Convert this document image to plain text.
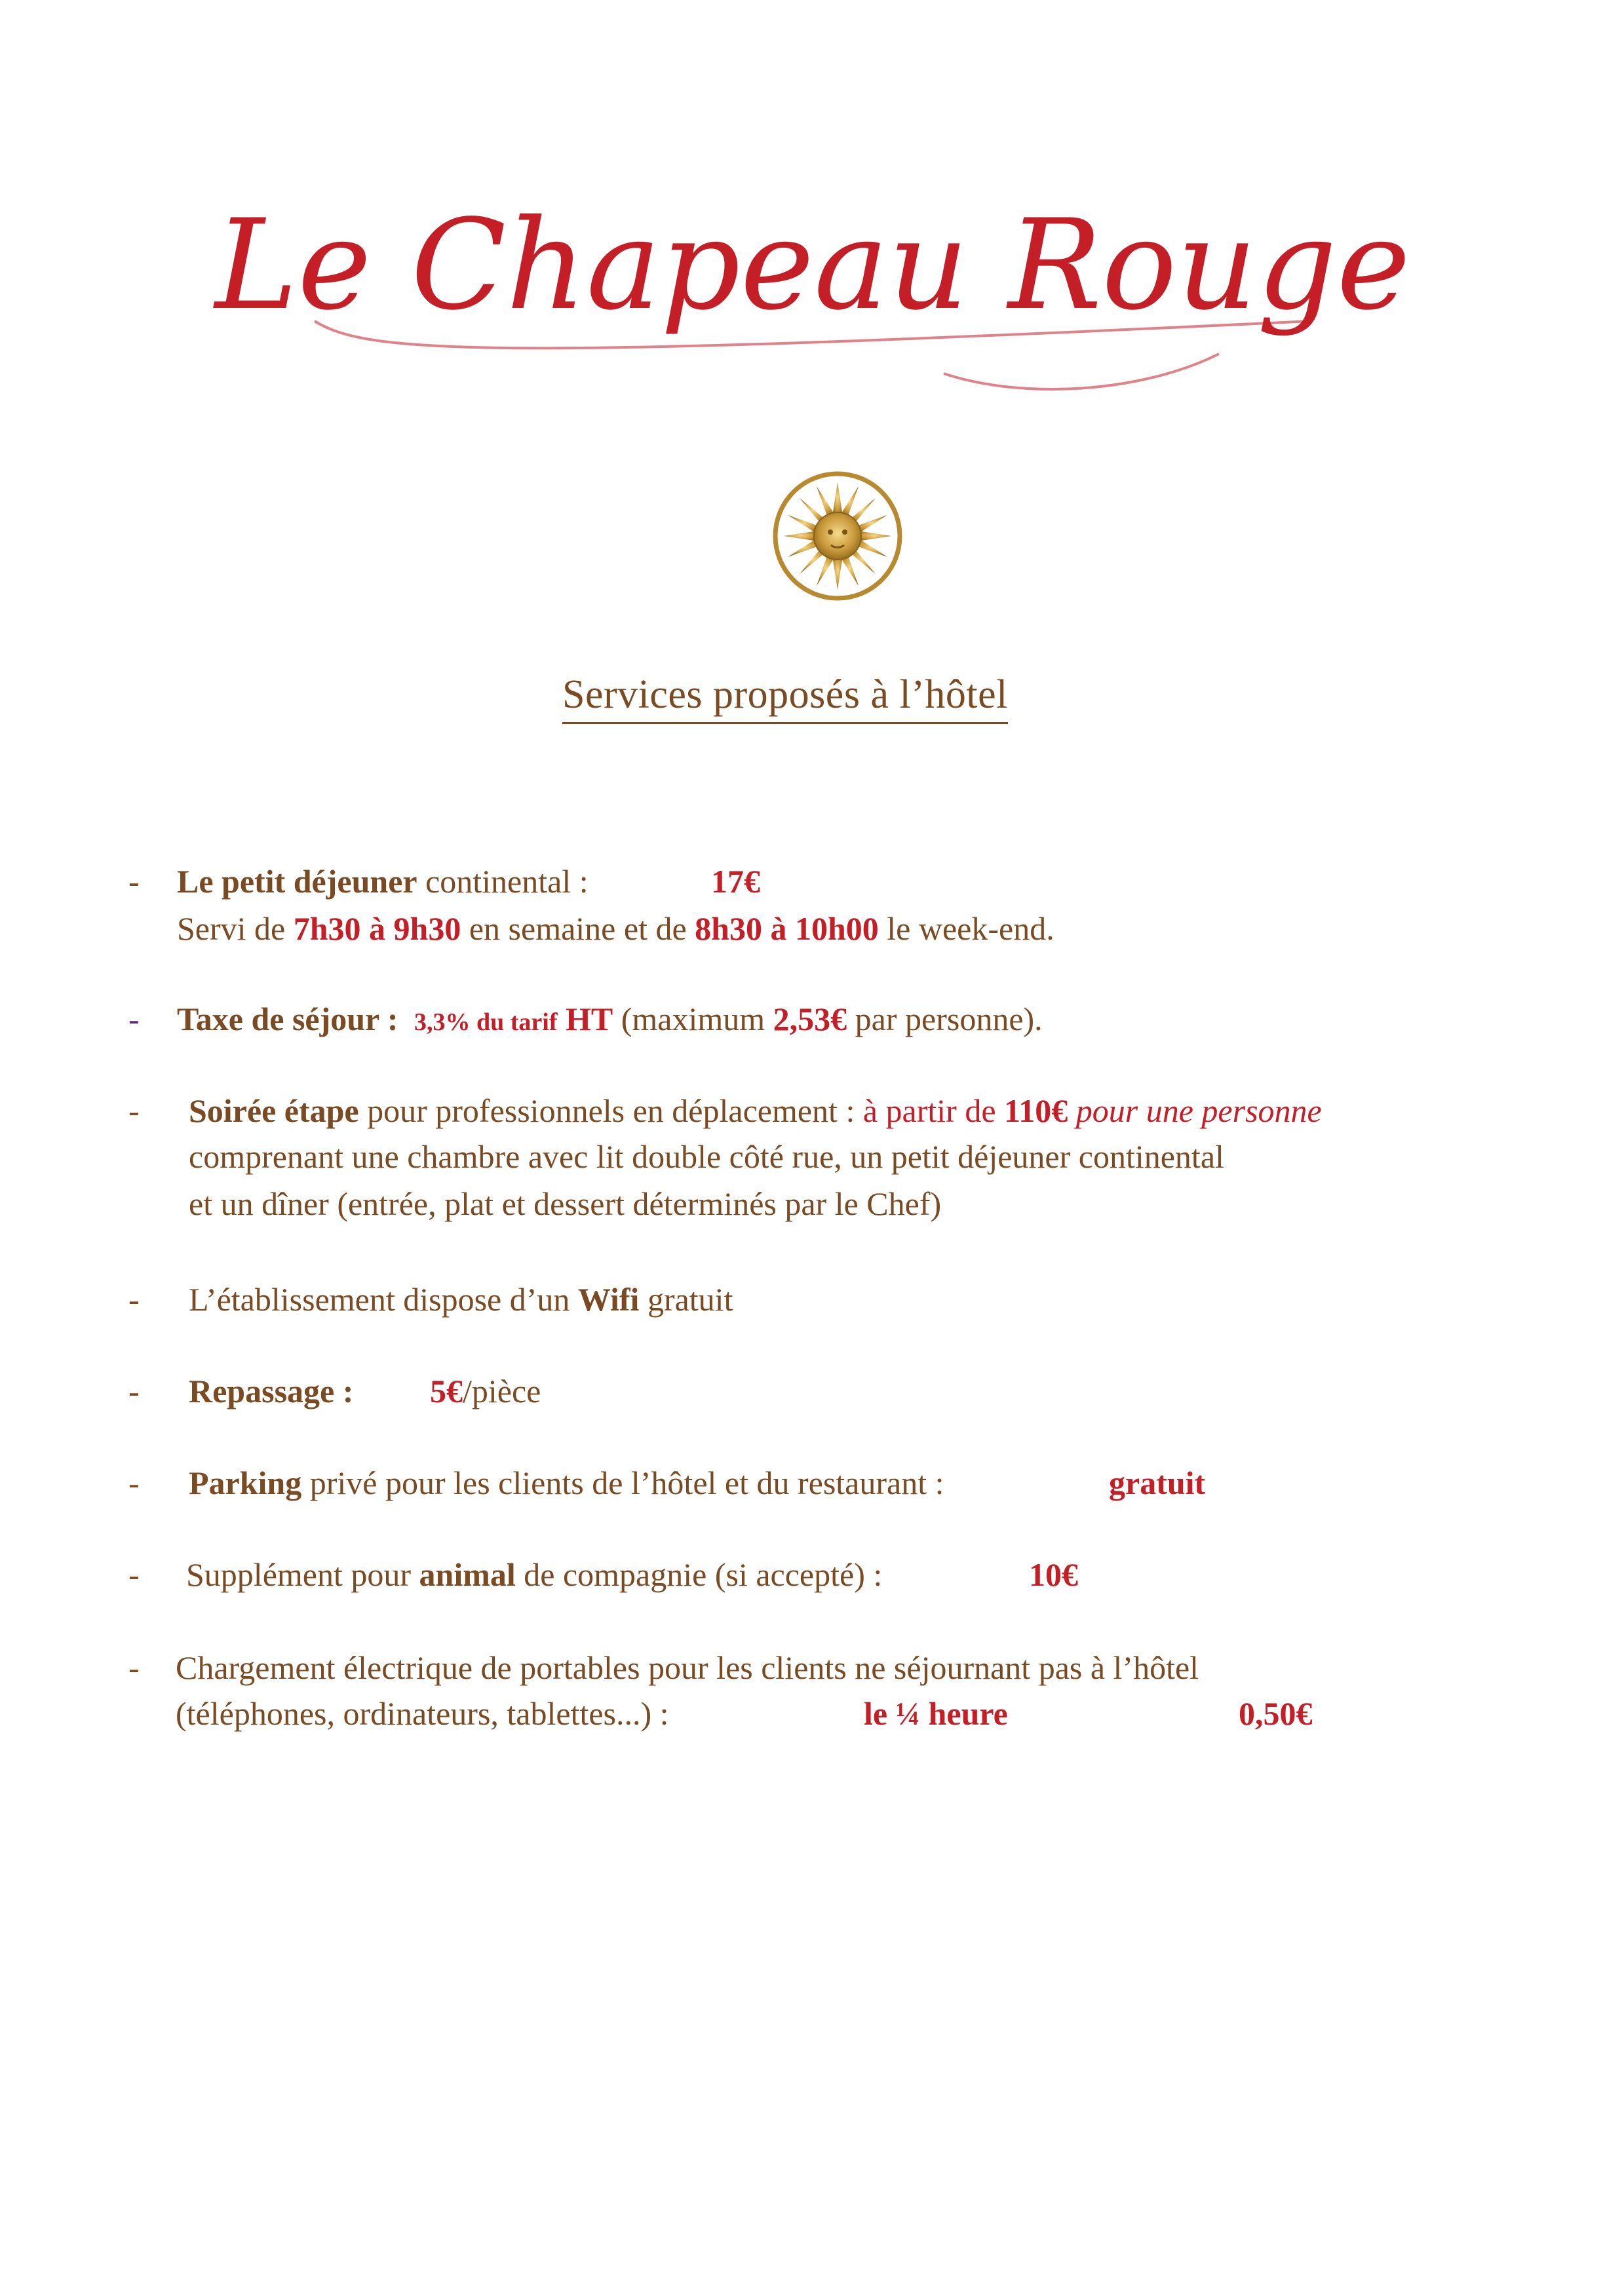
Le Chapeau Rouge
Services proposés à l’hôtel
- Le petit déjeuner continental :	17€
Servi de 7h30 à 9h30 en semaine et de 8h30 à 10h00 le week-end.
- Taxe de séjour : 3,3% du tarif HT (maximum 2,53€ par personne).
- Soirée étape pour professionnels en déplacement : à partir de 110€ pour une personne
comprenant une chambre avec lit double côté rue, un petit déjeuner continental
et un dîner (entrée, plat et dessert déterminés par le Chef)
- L’établissement dispose d’un Wifi gratuit
- Repassage : 5€/pièce
- Parking privé pour les clients de l’hôtel et du restaurant :	gratuit
- Supplément pour animal de compagnie (si accepté) :	10€
- Chargement électrique de portables pour les clients ne séjournant pas à l’hôtel
(téléphones, ordinateurs, tablettes...) :	le ¼ heure	0,50€
